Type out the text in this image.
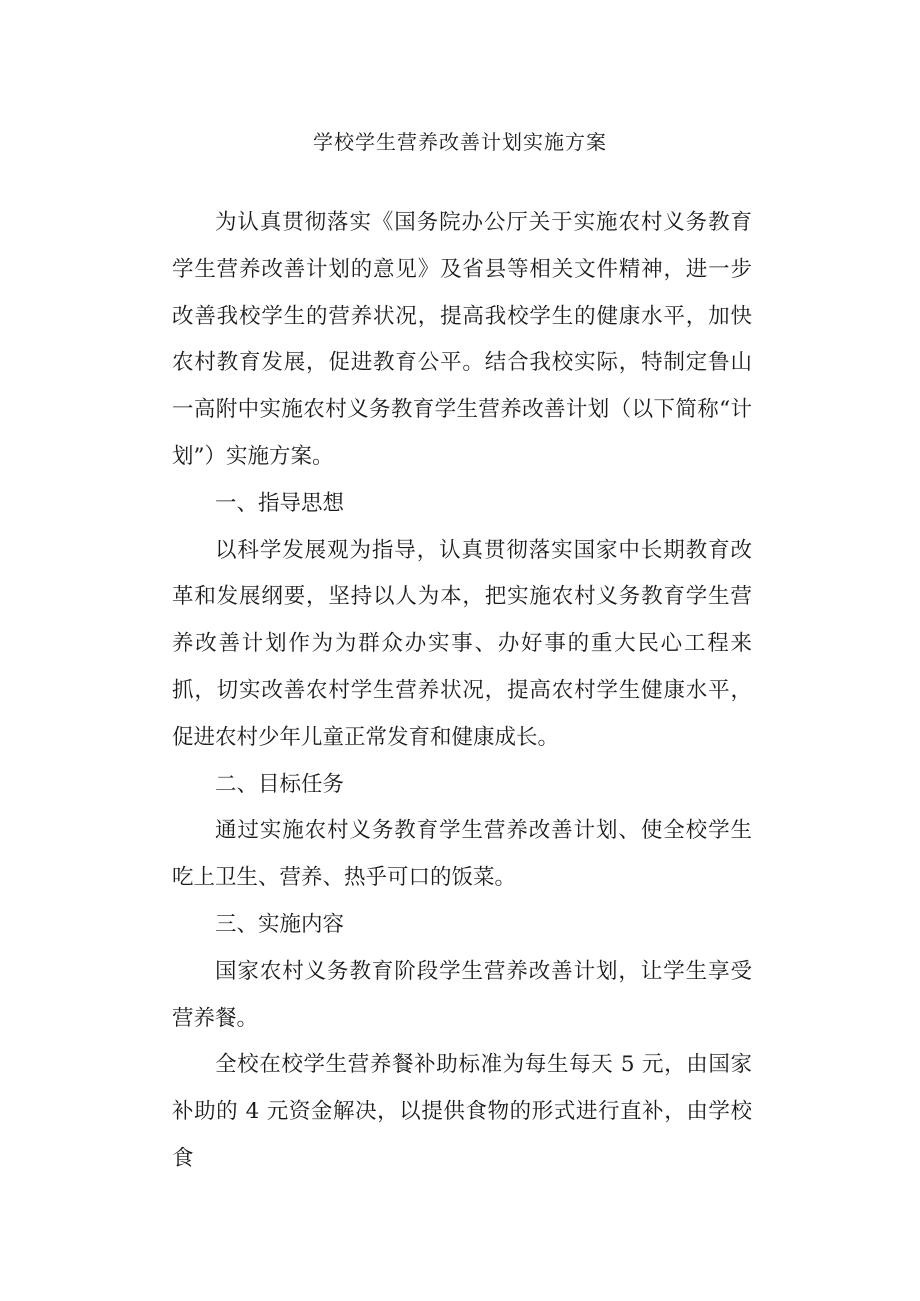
学校学生营养改善计划实施方案

为认真贯彻落实《国务院办公厅关于实施农村义务教育学生营养改善计划的意见》及省县等相关文件精神，进一步改善我校学生的营养状况，提高我校学生的健康水平，加快农村教育发展，促进教育公平。结合我校实际，特制定鲁山一高附中实施农村义务教育学生营养改善计划（以下简称“计划”）实施方案。

一、指导思想

以科学发展观为指导，认真贯彻落实国家中长期教育改革和发展纲要，坚持以人为本，把实施农村义务教育学生营养改善计划作为为群众办实事、办好事的重大民心工程来抓，切实改善农村学生营养状况，提高农村学生健康水平，促进农村少年儿童正常发育和健康成长。

二、目标任务

通过实施农村义务教育学生营养改善计划、使全校学生吃上卫生、营养、热乎可口的饭菜。

三、实施内容

国家农村义务教育阶段学生营养改善计划，让学生享受营养餐。

全校在校学生营养餐补助标准为每生每天 5 元，由国家补助的 4 元资金解决，以提供食物的形式进行直补，由学校食
